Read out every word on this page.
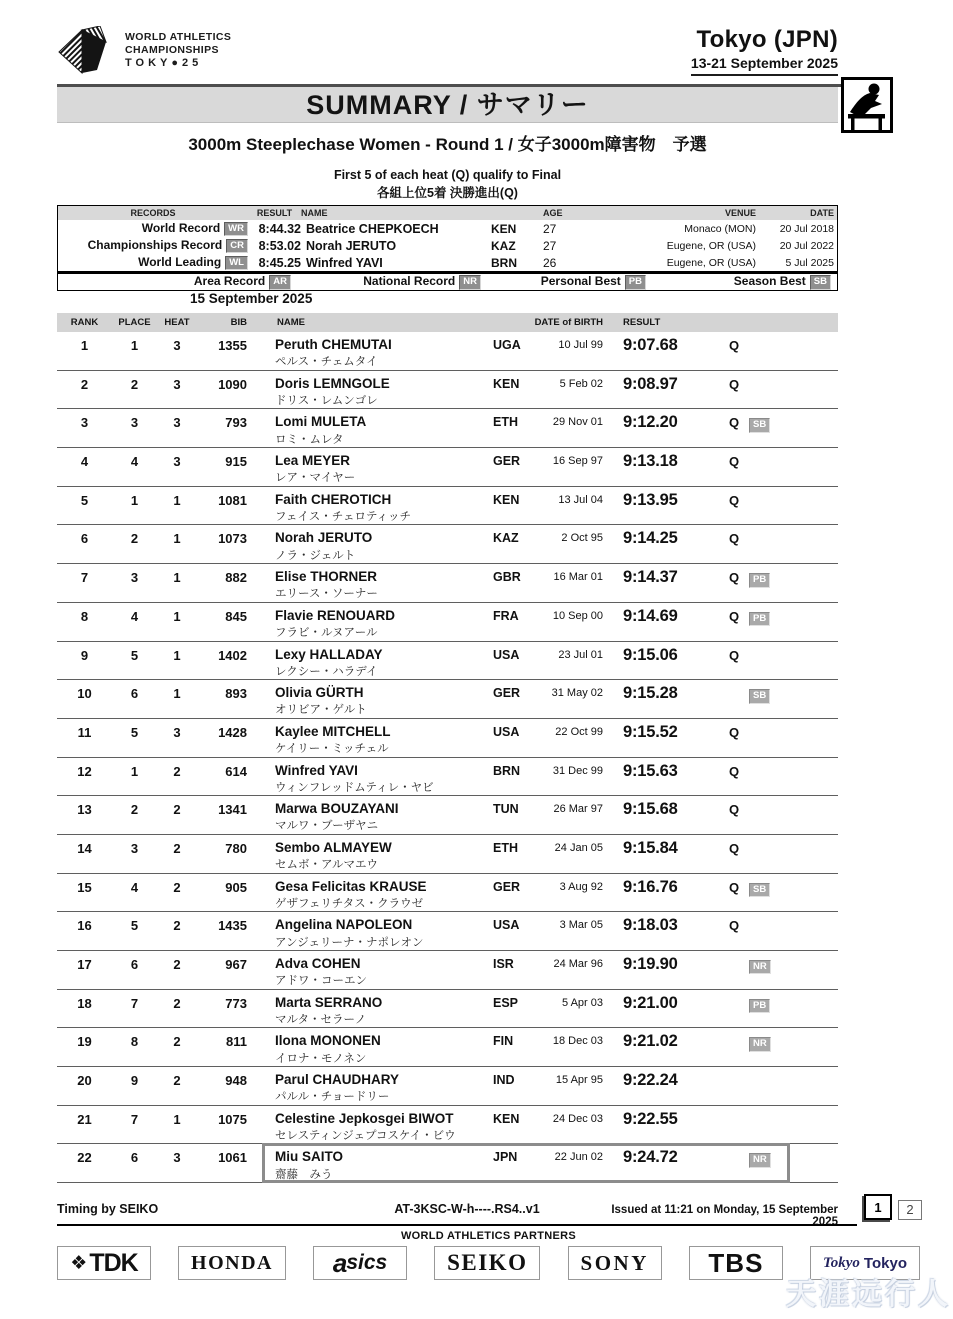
WORLD ATHLETICS
CHAMPIONSHIPS
TOKY●25
Tokyo (JPN)
13-21 September 2025
SUMMARY / サマリー
3000m Steeplechase Women - Round 1 / 女子3000m障害物　予選
First 5 of each heat (Q) qualify to Final
各組上位5着 決勝進出(Q)
RECORDS	RESULT NAME	AGE	VENUE	DATE
World Record WR	8:44.32 Beatrice CHEPKOECH	KEN	27	Monaco (MON)	20 Jul 2018
Championships Record CR	8:53.02 Norah JERUTO	KAZ	27	Eugene, OR (USA)	20 Jul 2022
World Leading WL	8:45.25 Winfred YAVI	BRN	26	Eugene, OR (USA)	5 Jul 2025
Area Record AR	National Record NR	Personal Best PB	Season Best SB
15 September 2025
RANK	PLACE	HEAT	BIB	NAME	DATE of BIRTH RESULT
1	1	3	1355 Peruth CHEMUTAI
ペルス・チェムタイ
UGA	10 Jul 99 9:07.68	Q
2	2	3	1090 Doris LEMNGOLE
ドリス・レムンゴレ
KEN	5 Feb 02 9:08.97	Q
3	3	3	793 Lomi MULETA
ロミ・ムレタ
ETH	29 Nov 01 9:12.20	Q	SB
4	4	3	915 Lea MEYER
レア・マイヤー
GER	16 Sep 97 9:13.18	Q
5	1	1	1081 Faith CHEROTICH
フェイス・チェロティッチ
KEN	13 Jul 04 9:13.95	Q
6	2	1	1073 Norah JERUTO
ノラ・ジェルト
KAZ	2 Oct 95 9:14.25	Q
7	3	1	882 Elise THORNER
エリース・ソーナー
GBR	16 Mar 01 9:14.37	Q	PB
8	4	1	845 Flavie RENOUARD
フラビ・ルヌアール
FRA	10 Sep 00 9:14.69	Q	PB
9	5	1	1402 Lexy HALLADAY
レクシー・ハラデイ
USA	23 Jul 01 9:15.06	Q
10	6	1	893 Olivia GÜRTH
オリビア・ゲルト
GER	31 May 02 9:15.28	SB
11	5	3	1428 Kaylee MITCHELL
ケイリー・ミッチェル
USA	22 Oct 99 9:15.52	Q
12	1	2	614 Winfred YAVI
ウィンフレッドムティレ・ヤビ
BRN	31 Dec 99 9:15.63	Q
13	2	2	1341 Marwa BOUZAYANI
マルワ・ブーザヤニ
TUN	26 Mar 97 9:15.68	Q
14	3	2	780 Sembo ALMAYEW
セムボ・アルマエウ
ETH	24 Jan 05 9:15.84	Q
15	4	2	905 Gesa Felicitas KRAUSE
ゲザフェリチタス・クラウゼ
GER	3 Aug 92 9:16.76	Q	SB
16	5	2	1435 Angelina NAPOLEON
アンジェリーナ・ナポレオン
USA	3 Mar 05 9:18.03	Q
17	6	2	967 Adva COHEN
アドワ・コーエン
ISR	24 Mar 96 9:19.90	NR
18	7	2	773 Marta SERRANO
マルタ・セラーノ
ESP	5 Apr 03 9:21.00	PB
19	8	2	811 Ilona MONONEN
イロナ・モノネン
FIN	18 Dec 03 9:21.02	NR
20	9	2	948 Parul CHAUDHARY
パルル・チョードリー
IND	15 Apr 95 9:22.24
21	7	1	1075 Celestine Jepkosgei BIWOT
セレスティンジェプコスケイ・ビウ
KEN	24 Dec 03 9:22.55
22	6	3	1061 Miu SAITO
齋藤　みう
JPN	22 Jun 02 9:24.72	NR
Timing by SEIKO	AT-3KSC-W-h----.RS4..v1	Issued at 11:21 on Monday, 15 September 2025
1	2
WORLD ATHLETICS PARTNERS
❖ TDK	HONDA a sics	SEIKO	SONY TBS	Tokyo Tokyo
天涯远行人
